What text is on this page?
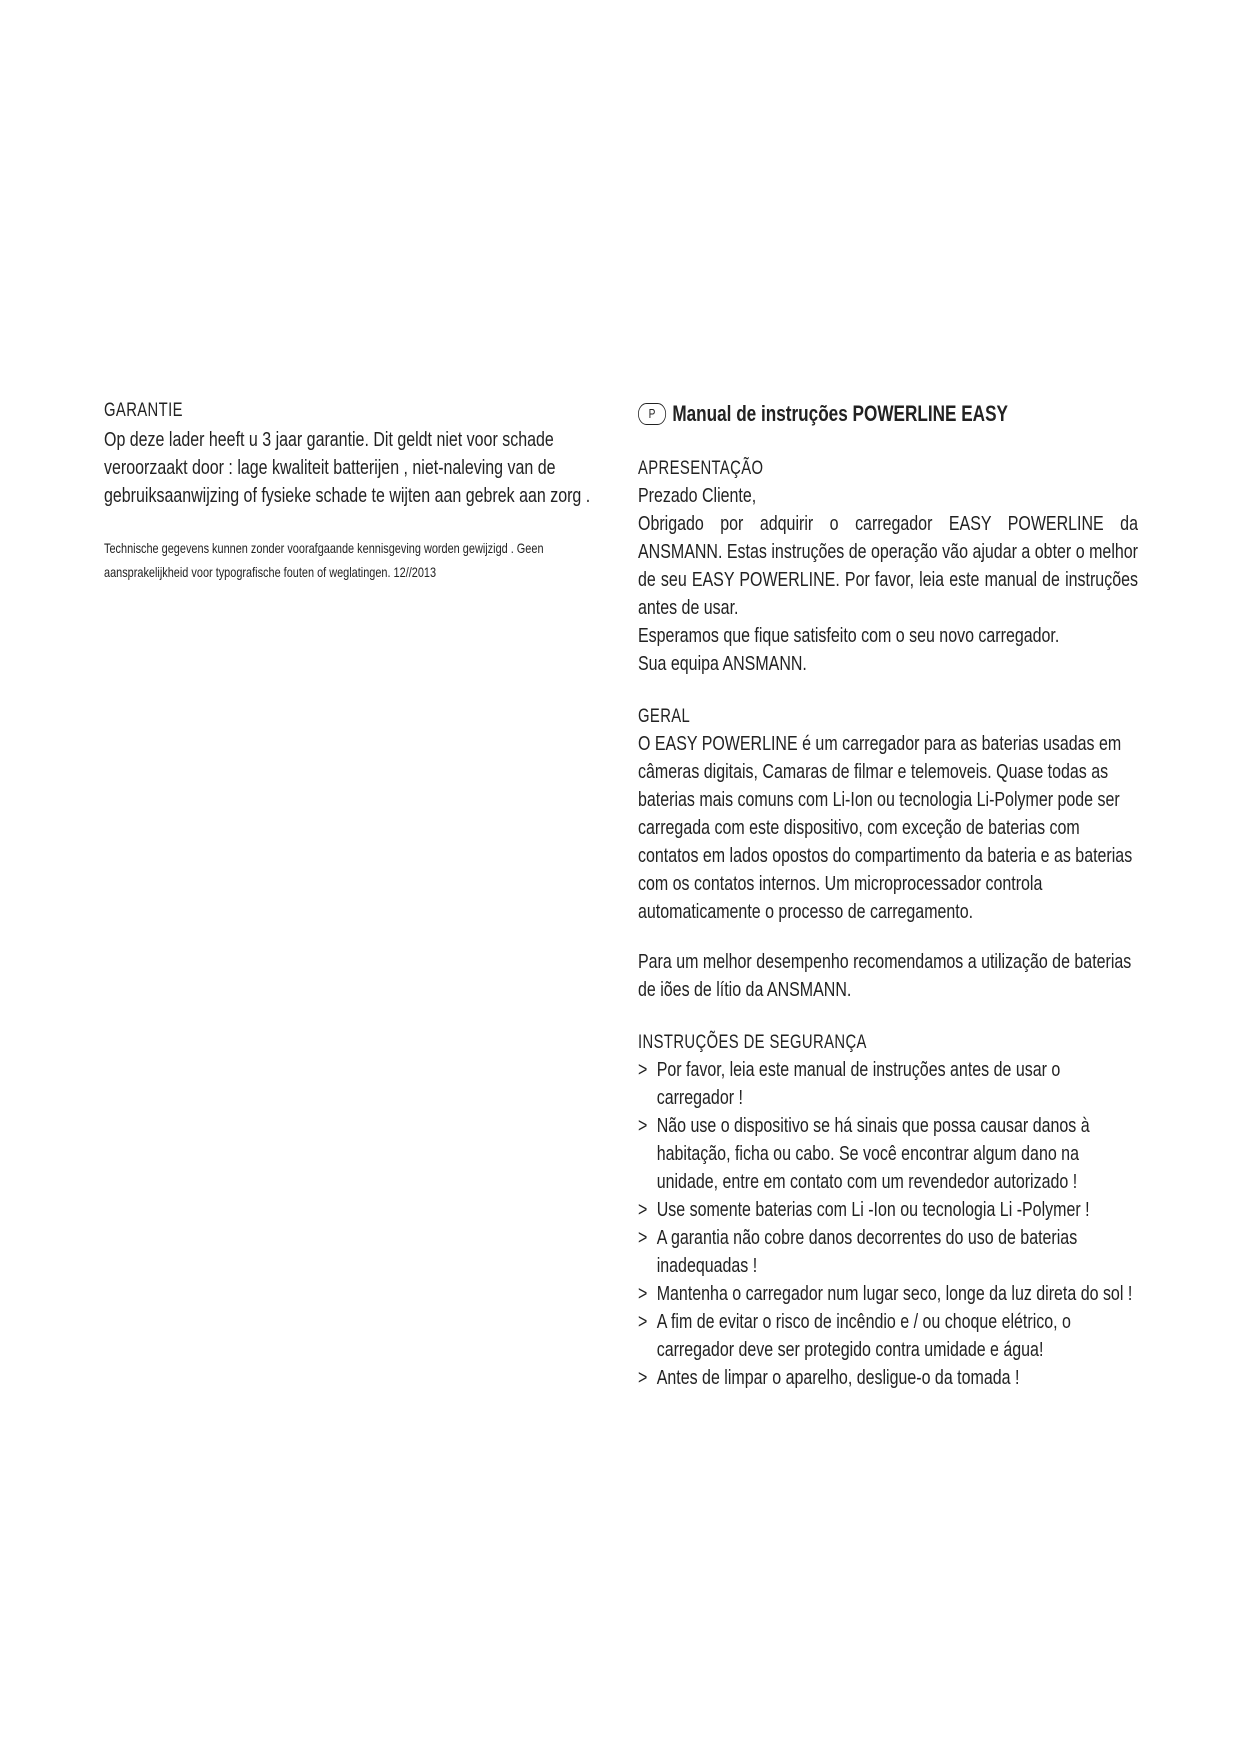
GARANTIE

Op deze lader heeft u 3 jaar garantie. Dit geldt niet voor schade veroorzaakt door : lage kwaliteit batterijen , niet-naleving van de gebruiksaanwijzing of fysieke schade te wijten aan gebrek aan zorg .

Technische gegevens kunnen zonder voorafgaande kennisgeving worden gewijzigd . Geen aansprakelijkheid voor typografische fouten of weglatingen. 12//2013

P Manual de instruções POWERLINE EASY

APRESENTAÇÃO

Prezado Cliente,

Obrigado por adquirir o carregador EASY POWERLINE da ANSMANN. Estas instruções de operação vão ajudar a obter o melhor de seu EASY POWERLINE. Por favor, leia este manual de instruções antes de usar.

Esperamos que fique satisfeito com o seu novo carregador.

Sua equipa ANSMANN.

GERAL

O EASY POWERLINE é um carregador para as baterias usadas em câmeras digitais, Camaras de filmar e telemoveis. Quase todas as baterias mais comuns com Li-Ion ou tecnologia Li-Polymer pode ser carregada com este dispositivo, com exceção de baterias com contatos em lados opostos do compartimento da bateria e as baterias com os contatos internos. Um microprocessador controla automaticamente o processo de carregamento.

Para um melhor desempenho recomendamos a utilização de baterias de iões de lítio da ANSMANN.

INSTRUÇÕES DE SEGURANÇA

> Por favor, leia este manual de instruções antes de usar o carregador !
> Não use o dispositivo se há sinais que possa causar danos à habitação, ficha ou cabo. Se você encontrar algum dano na unidade, entre em contato com um revendedor autorizado !
> Use somente baterias com Li -Ion ou tecnologia Li -Polymer !
> A garantia não cobre danos decorrentes do uso de baterias inadequadas !
> Mantenha o carregador num lugar seco, longe da luz direta do sol !
> A fim de evitar o risco de incêndio e / ou choque elétrico, o carregador deve ser protegido contra umidade e água!
> Antes de limpar o aparelho, desligue-o da tomada !
